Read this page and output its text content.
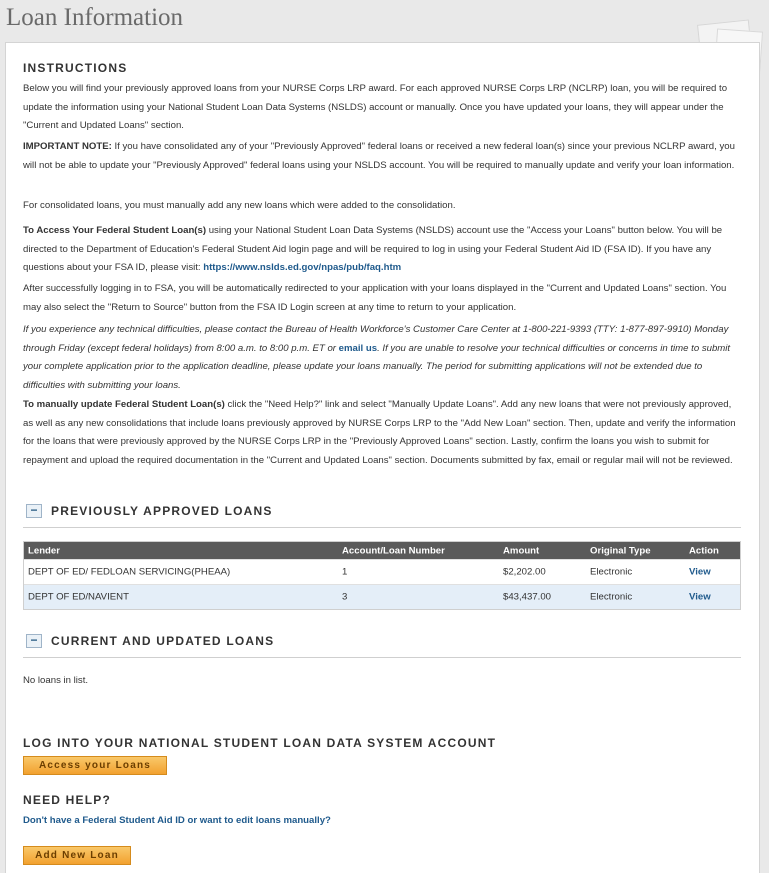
Loan Information
INSTRUCTIONS
Below you will find your previously approved loans from your NURSE Corps LRP award. For each approved NURSE Corps LRP (NCLRP) loan, you will be required to update the information using your National Student Loan Data Systems (NSLDS) account or manually. Once you have updated your loans, they will appear under the "Current and Updated Loans" section.
IMPORTANT NOTE: If you have consolidated any of your "Previously Approved" federal loans or received a new federal loan(s) since your previous NCLRP award, you will not be able to update your "Previously Approved" federal loans using your NSLDS account. You will be required to manually update and verify your loan information.
For consolidated loans, you must manually add any new loans which were added to the consolidation.
To Access Your Federal Student Loan(s) using your National Student Loan Data Systems (NSLDS) account use the "Access your Loans" button below. You will be directed to the Department of Education's Federal Student Aid login page and will be required to log in using your Federal Student Aid ID (FSA ID). If you have any questions about your FSA ID, please visit: https://www.nslds.ed.gov/npas/pub/faq.htm
After successfully logging in to FSA, you will be automatically redirected to your application with your loans displayed in the "Current and Updated Loans" section. You may also select the "Return to Source" button from the FSA ID Login screen at any time to return to your application.
If you experience any technical difficulties, please contact the Bureau of Health Workforce's Customer Care Center at 1-800-221-9393 (TTY: 1-877-897-9910) Monday through Friday (except federal holidays) from 8:00 a.m. to 8:00 p.m. ET or email us. If you are unable to resolve your technical difficulties or concerns in time to submit your complete application prior to the application deadline, please update your loans manually. The period for submitting applications will not be extended due to difficulties with submitting your loans.
To manually update Federal Student Loan(s) click the "Need Help?" link and select "Manually Update Loans". Add any new loans that were not previously approved, as well as any new consolidations that include loans previously approved by NURSE Corps LRP to the "Add New Loan" section. Then, update and verify the information for the loans that were previously approved by the NURSE Corps LRP in the "Previously Approved Loans" section. Lastly, confirm the loans you wish to submit for repayment and upload the required documentation in the "Current and Updated Loans" section. Documents submitted by fax, email or regular mail will not be reviewed.
−	PREVIOUSLY APPROVED LOANS
Lender	Account/Loan Number	Amount	Original Type	Action
DEPT OF ED/ FEDLOAN SERVICING(PHEAA)	1	$2,202.00	Electronic	View
DEPT OF ED/NAVIENT	3	$43,437.00	Electronic	View
−	CURRENT AND UPDATED LOANS
No loans in list.
LOG INTO YOUR NATIONAL STUDENT LOAN DATA SYSTEM ACCOUNT
Access your Loans
NEED HELP?
Don't have a Federal Student Aid ID or want to edit loans manually?
Add New Loan
